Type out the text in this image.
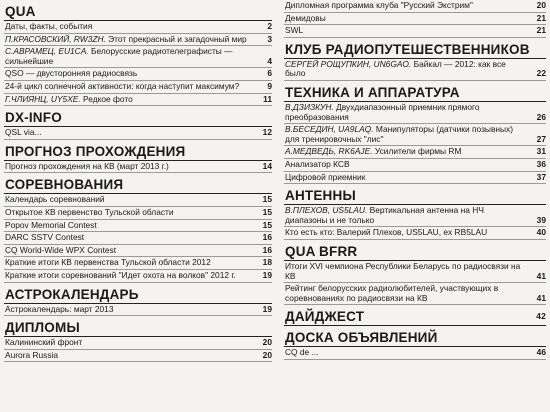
QUA
Даты, факты, события	2
П.КРАСОВСКИЙ, RW3ZH. Этот прекрасный и загадочный мир	3
С.АВРАМЕЦ, EU1CA. Белорусские радиотелеграфисты — сильнейшие	4
QSO — двусторонняя радиосвязь	6
24-й цикл солнечной активности: когда наступит максимум?	9
Г.ЧЛИЯНЦ, UY5XE. Редкое фото	11
DX-INFO
QSL via...	12
ПРОГНОЗ ПРОХОЖДЕНИЯ
Прогноз прохождения на КВ (март 2013 г.)	14
СОРЕВНОВАНИЯ
Календарь соревнований	15
Открытое КВ первенство Тульской области	15
Popov Memorial Contest	15
DARC SSTV Contest	16
CQ World-Wide WPX Contest	16
Краткие итоги КВ первенства Тульской области 2012	18
Краткие итоги соревнований "Идет охота на волков" 2012 г.	19
АСТРОКАЛЕНДАРЬ
Астрокалендарь: март 2013	19
ДИПЛОМЫ
Калининский фронт	20
Aurora Russia	20
Дипломная программа клуба "Русский Экстрим"	20
Демидовы	21
SWL	21
КЛУБ РАДИОПУТЕШЕСТВЕННИКОВ
СЕРГЕЙ РОЩУПКИН, UN6GAO. Байкал — 2012: как все было	22
ТЕХНИКА И АППАРАТУРА
В.ДЗИЗКУН. Двухдиапазонный приемник прямого преобразования	26
В.БЕСЕДИН, UA9LAQ. Манипуляторы (датчики позывных) для тренировочных "лис"	27
А.МЕДВЕДЬ, RK6AJE. Усилители фирмы RM	31
Анализатор КСВ	36
Цифровой приемник	37
АНТЕННЫ
В.ПЛЕХОВ, US5LAU. Вертикальная антенна на НЧ диапазоны и не только	39
Кто есть кто: Валерий Плехов, US5LAU, ex RB5LAU	40
QUA BFRR
Итоги XVI чемпиона Республики Беларусь по радиосвязи на КВ	41
Рейтинг белорусских радиолюбителей, участвующих в соревнованиях по радиосвязи на КВ	41
ДАЙДЖЕСТ	42
ДОСКА ОБЪЯВЛЕНИЙ
CQ de ...	46
